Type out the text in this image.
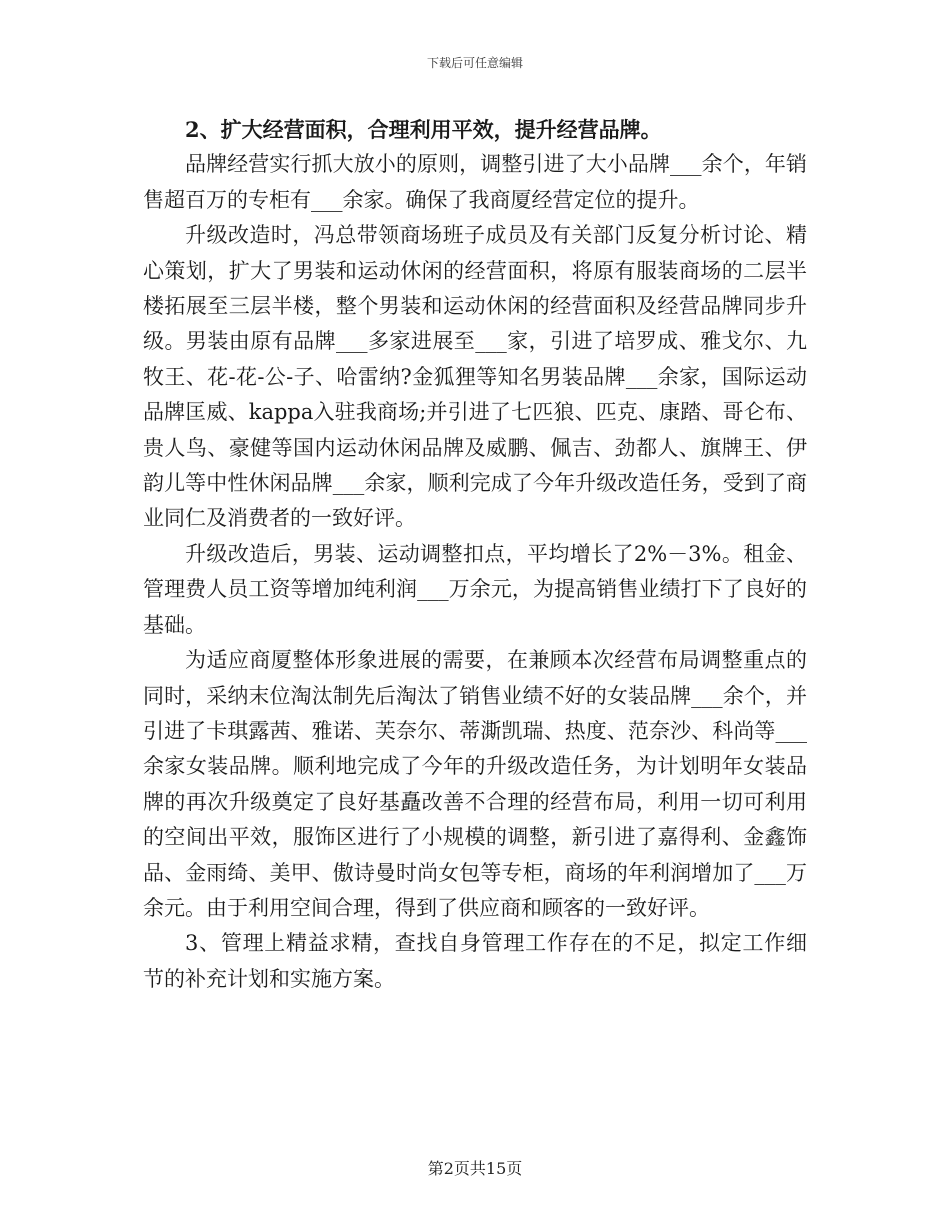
下载后可任意编辑

2、扩大经营面积，合理利用平效，提升经营品牌。

品牌经营实行抓大放小的原则，调整引进了大小品牌___余个，年销售超百万的专柜有___余家。确保了我商厦经营定位的提升。

升级改造时，冯总带领商场班子成员及有关部门反复分析讨论、精心策划，扩大了男装和运动休闲的经营面积，将原有服装商场的二层半楼拓展至三层半楼，整个男装和运动休闲的经营面积及经营品牌同步升级。男装由原有品牌___多家进展至___家，引进了培罗成、雅戈尔、九牧王、花-花-公-子、哈雷纳?金狐狸等知名男装品牌___余家，国际运动品牌匡威、kappa入驻我商场;并引进了七匹狼、匹克、康踏、哥仑布、贵人鸟、豪健等国内运动休闲品牌及威鹏、佩吉、劲都人、旗牌王、伊韵儿等中性休闲品牌___余家，顺利完成了今年升级改造任务，受到了商业同仁及消费者的一致好评。

升级改造后，男装、运动调整扣点，平均增长了2%－3%。租金、管理费人员工资等增加纯利润___万余元，为提高销售业绩打下了良好的基础。

为适应商厦整体形象进展的需要，在兼顾本次经营布局调整重点的同时，采纳末位淘汰制先后淘汰了销售业绩不好的女装品牌___余个，并引进了卡琪露茜、雅诺、芙奈尔、蒂澌凯瑞、热度、范奈沙、科尚等___余家女装品牌。顺利地完成了今年的升级改造任务，为计划明年女装品牌的再次升级奠定了良好基矗改善不合理的经营布局，利用一切可利用的空间出平效，服饰区进行了小规模的调整，新引进了嘉得利、金鑫饰品、金雨绮、美甲、傲诗曼时尚女包等专柜，商场的年利润增加了___万余元。由于利用空间合理，得到了供应商和顾客的一致好评。

3、管理上精益求精，查找自身管理工作存在的不足，拟定工作细节的补充计划和实施方案。

第2页共15页
